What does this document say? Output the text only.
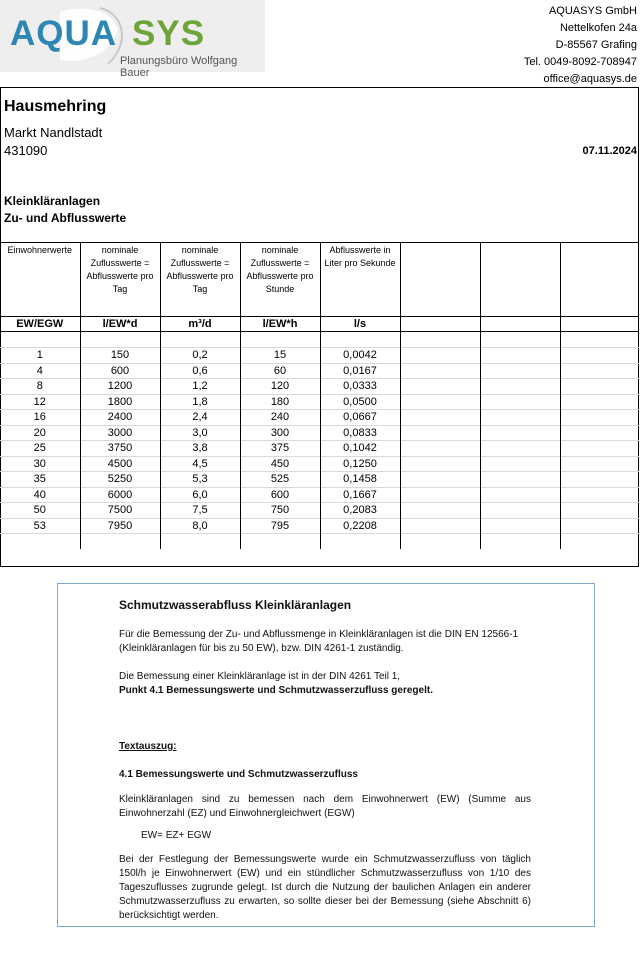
AQUA SYS
Planungsbüro Wolfgang Bauer
AQUASYS GmbH
Nettelkofen 24a
D-85567 Grafing
Tel. 0049-8092-708947
office@aquasys.de
Hausmehring
Markt Nandlstadt
431090	07.11.2024
Kleinkläranlagen
Zu- und Abflusswerte
Einwohnerwerte	nominale Zuflusswerte = Abflusswerte pro Tag	nominale Zuflusswerte = Abflusswerte pro Tag	nominale Zuflusswerte = Abflusswerte pro Stunde	Abflusswerte in Liter pro Sekunde			
EW/EGW	l/EW*d	m³/d	l/EW*h	l/s			

1	150	0,2	15	0,0042			
4	600	0,6	60	0,0167			
8	1200	1,2	120	0,0333			
12	1800	1,8	180	0,0500			
16	2400	2,4	240	0,0667			
20	3000	3,0	300	0,0833			
25	3750	3,8	375	0,1042			
30	4500	4,5	450	0,1250			
35	5250	5,3	525	0,1458			
40	6000	6,0	600	0,1667			
50	7500	7,5	750	0,2083			
53	7950	8,0	795	0,2208			

Schmutzwasserabfluss Kleinkläranlagen
Für die Bemessung der Zu- und Abflussmenge in Kleinkläranlagen ist die DIN EN 12566-1 (Kleinkläranlagen für bis zu 50 EW), bzw. DIN 4261-1 zuständig.
Die Bemessung einer Kleinkläranlage ist in der DIN 4261 Teil 1,
Punkt 4.1 Bemessungswerte und Schmutzwasserzufluss geregelt.
Textauszug:
4.1 Bemessungswerte und Schmutzwasserzufluss
Kleinkläranlagen sind zu bemessen nach dem Einwohnerwert (EW) (Summe aus Einwohnerzahl (EZ) und Einwohnergleichwert (EGW)
EW= EZ+ EGW
Bei der Festlegung der Bemessungswerte wurde ein Schmutzwasserzufluss von täglich 150l/h je Einwohnerwert (EW) und ein stündlicher Schmutzwasserzufluss von 1/10 des Tageszuflusses zugrunde gelegt. Ist durch die Nutzung der baulichen Anlagen ein anderer Schmutzwasserzufluss zu erwarten, so sollte dieser bei der Bemessung (siehe Abschnitt 6) berücksichtigt werden.
